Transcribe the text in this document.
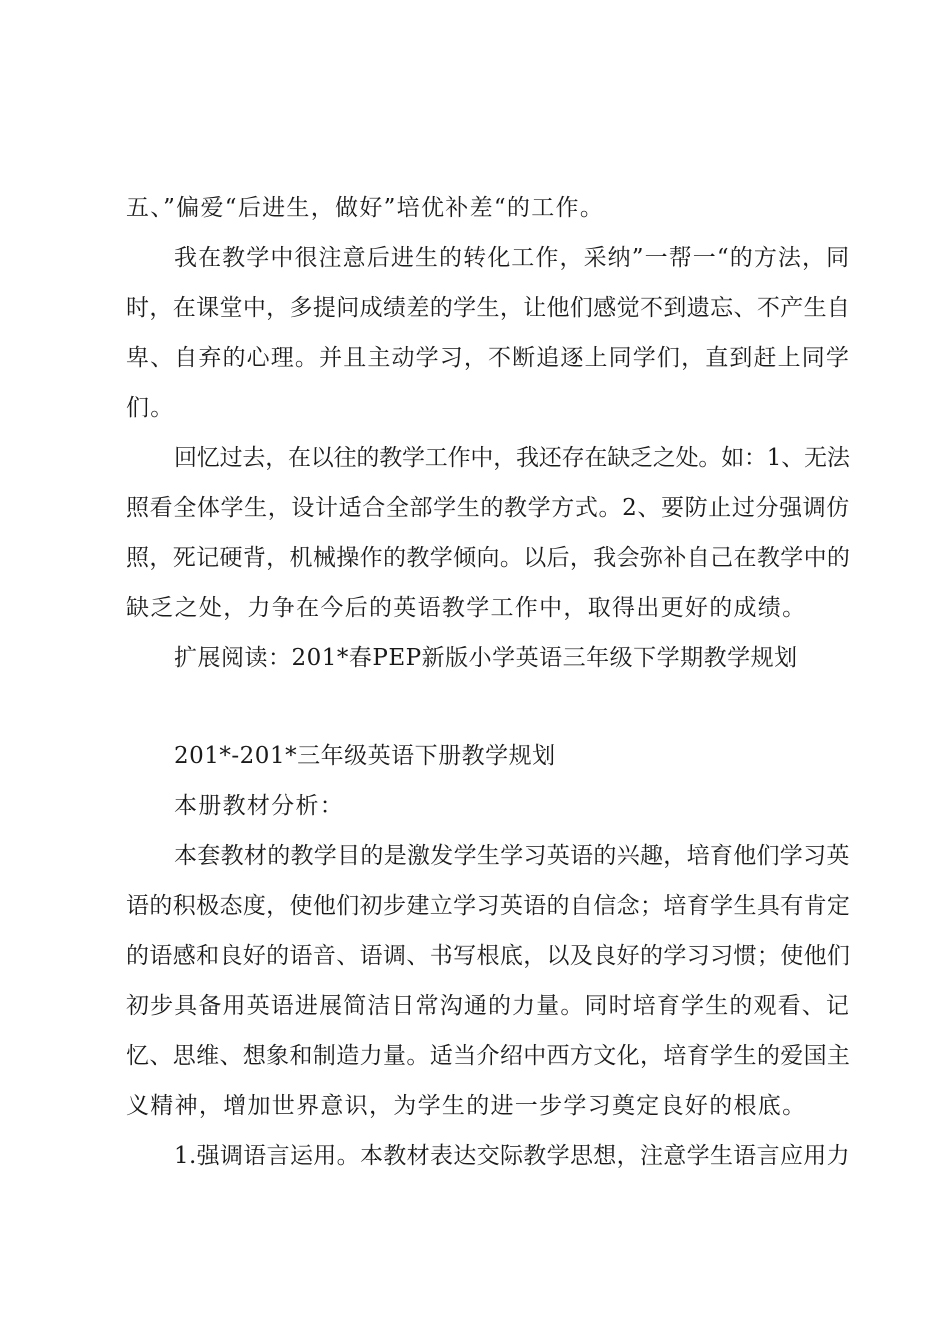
五、”偏爱“后进生，做好”培优补差“的工作。
我在教学中很注意后进生的转化工作，采纳”一帮一“的方法，同
时，在课堂中，多提问成绩差的学生，让他们感觉不到遗忘、不产生自
卑、自弃的心理。并且主动学习，不断追逐上同学们，直到赶上同学
们。
回忆过去，在以往的教学工作中，我还存在缺乏之处。如：1、无法
照看全体学生，设计适合全部学生的教学方式。2、要防止过分强调仿
照，死记硬背，机械操作的教学倾向。以后，我会弥补自己在教学中的
缺乏之处，力争在今后的英语教学工作中，取得出更好的成绩。
扩展阅读：201*春PEP新版小学英语三年级下学期教学规划
201*-201*三年级英语下册教学规划
本册教材分析：
本套教材的教学目的是激发学生学习英语的兴趣，培育他们学习英
语的积极态度，使他们初步建立学习英语的自信念；培育学生具有肯定
的语感和良好的语音、语调、书写根底，以及良好的学习习惯；使他们
初步具备用英语进展简洁日常沟通的力量。同时培育学生的观看、记
忆、思维、想象和制造力量。适当介绍中西方文化，培育学生的爱国主
义精神，增加世界意识，为学生的进一步学习奠定良好的根底。
1.强调语言运用。本教材表达交际教学思想，注意学生语言应用力
